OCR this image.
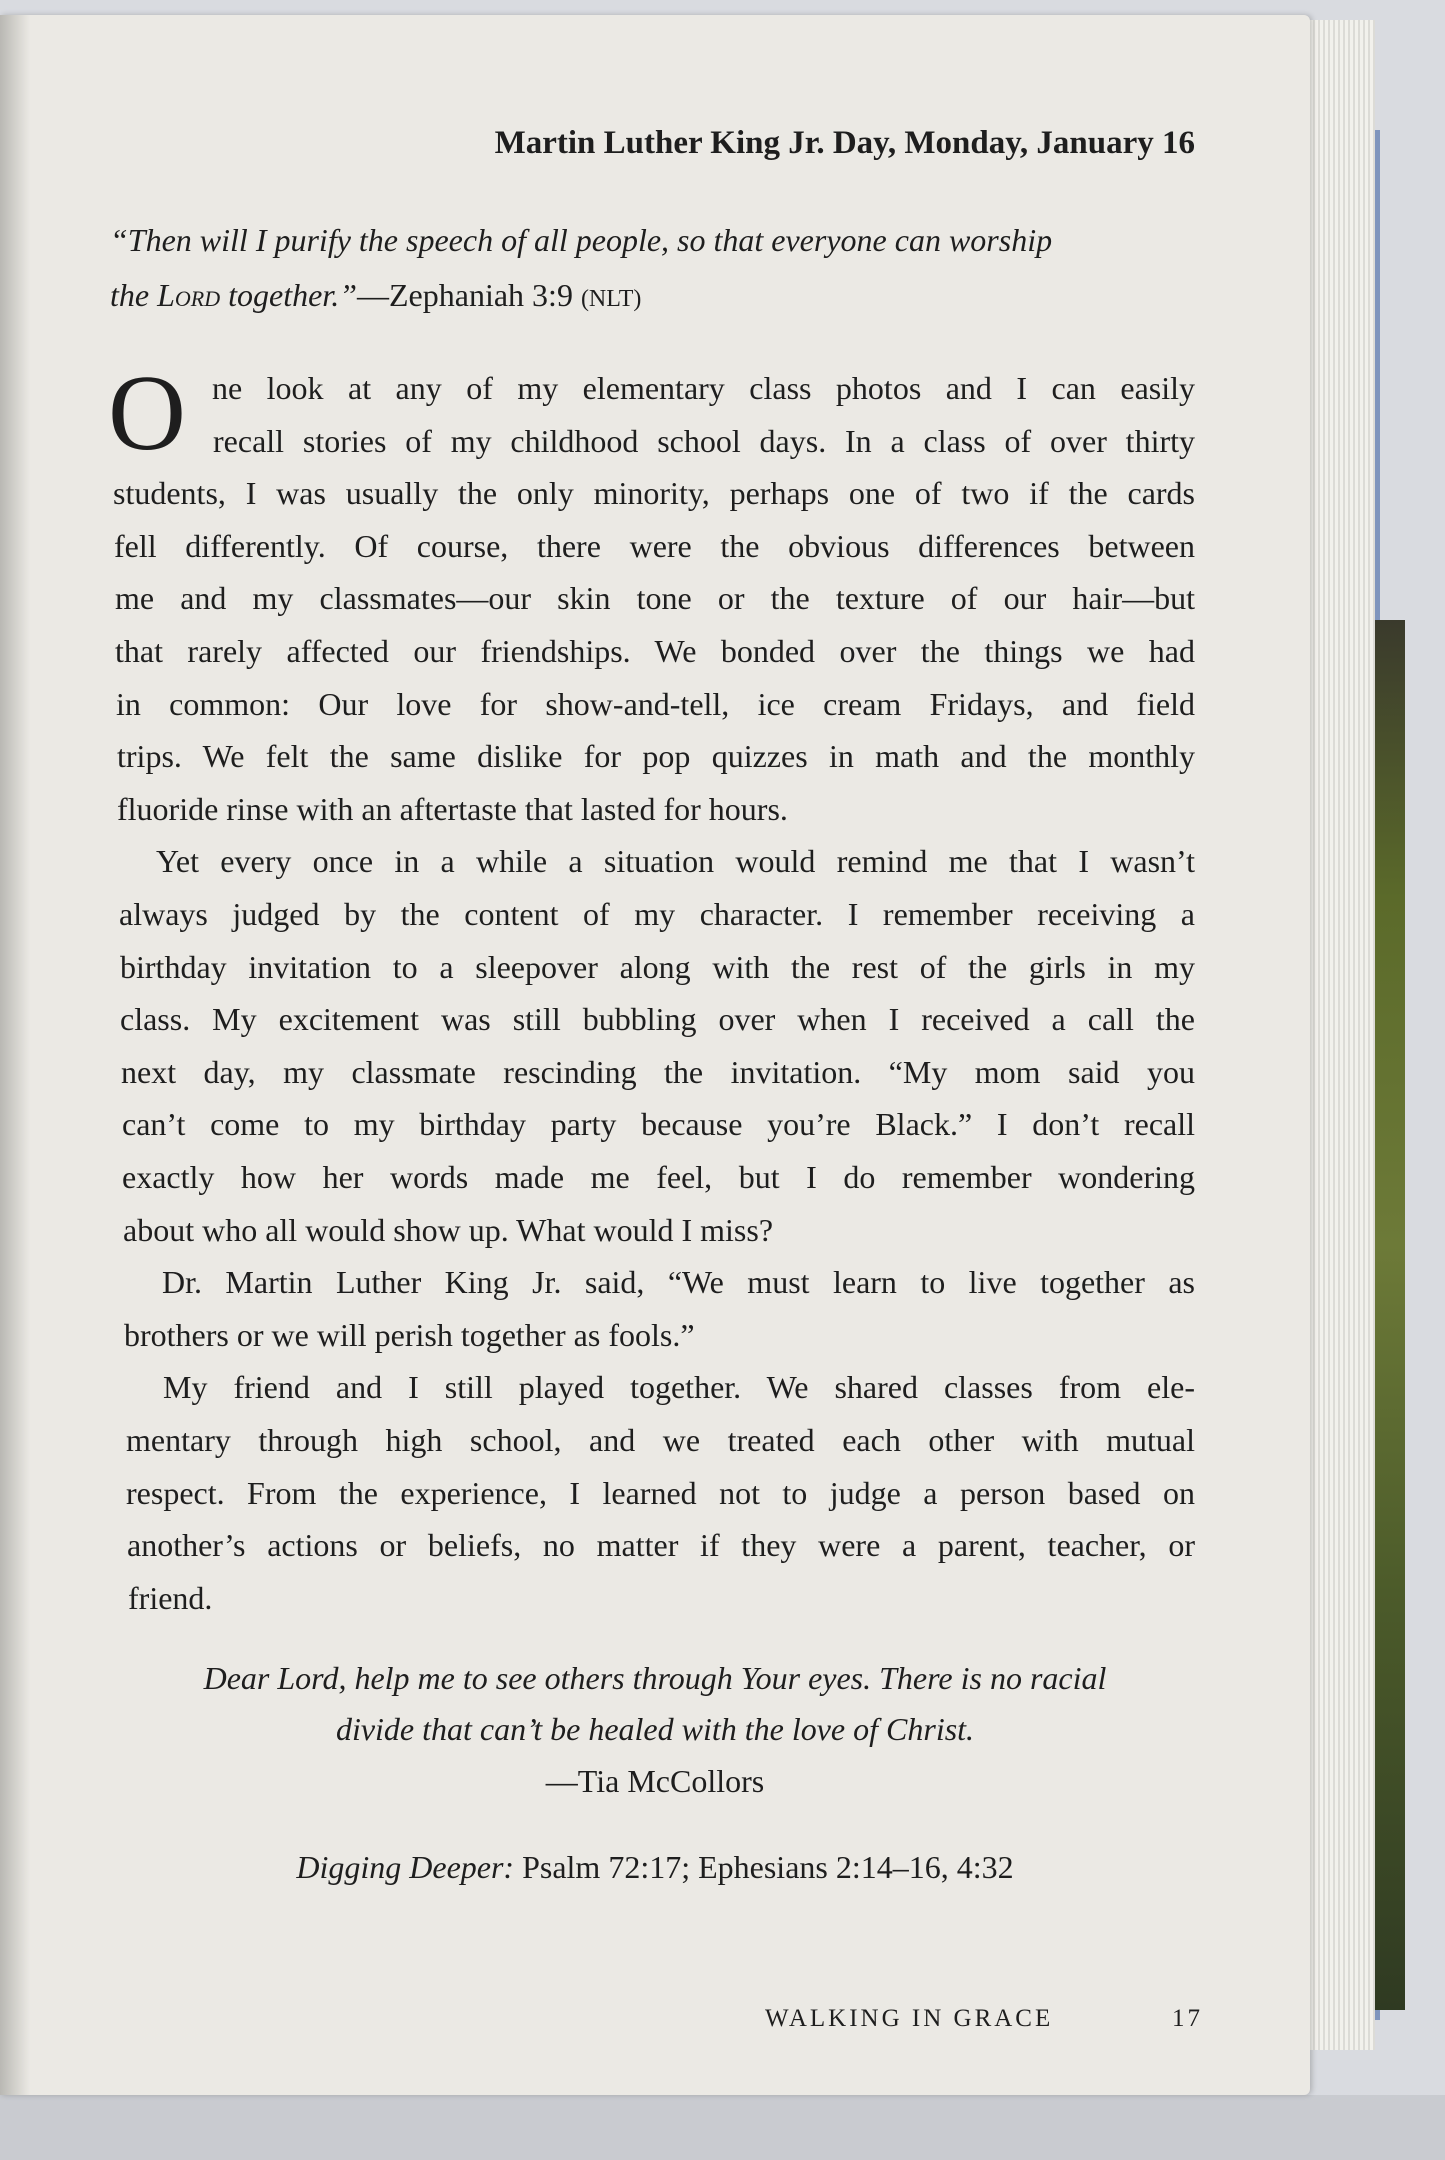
Martin Luther King Jr. Day, Monday, January 16
“Then will I purify the speech of all people, so that everyone can worship
the Lord together.”—Zephaniah 3:9 (NLT)
O ne look at any of my elementary class photos and I can easily
recall stories of my childhood school days. In a class of over thirty
students, I was usually the only minority, perhaps one of two if the cards
fell differently. Of course, there were the obvious differences between
me and my classmates—our skin tone or the texture of our hair—but
that rarely affected our friendships. We bonded over the things we had
in common: Our love for show-and-tell, ice cream Fridays, and field
trips. We felt the same dislike for pop quizzes in math and the monthly
fluoride rinse with an aftertaste that lasted for hours.
Yet every once in a while a situation would remind me that I wasn’t
always judged by the content of my character. I remember receiving a
birthday invitation to a sleepover along with the rest of the girls in my
class. My excitement was still bubbling over when I received a call the
next day, my classmate rescinding the invitation. “My mom said you
can’t come to my birthday party because you’re Black.” I don’t recall
exactly how her words made me feel, but I do remember wondering
about who all would show up. What would I miss?
Dr. Martin Luther King Jr. said, “We must learn to live together as
brothers or we will perish together as fools.”
My friend and I still played together. We shared classes from ele-
mentary through high school, and we treated each other with mutual
respect. From the experience, I learned not to judge a person based on
another’s actions or beliefs, no matter if they were a parent, teacher, or
friend.
Dear Lord, help me to see others through Your eyes. There is no racial
divide that can’t be healed with the love of Christ.
—Tia McCollors
Digging Deeper: Psalm 72:17; Ephesians 2:14–16, 4:32
WALKING IN GRACE	17
